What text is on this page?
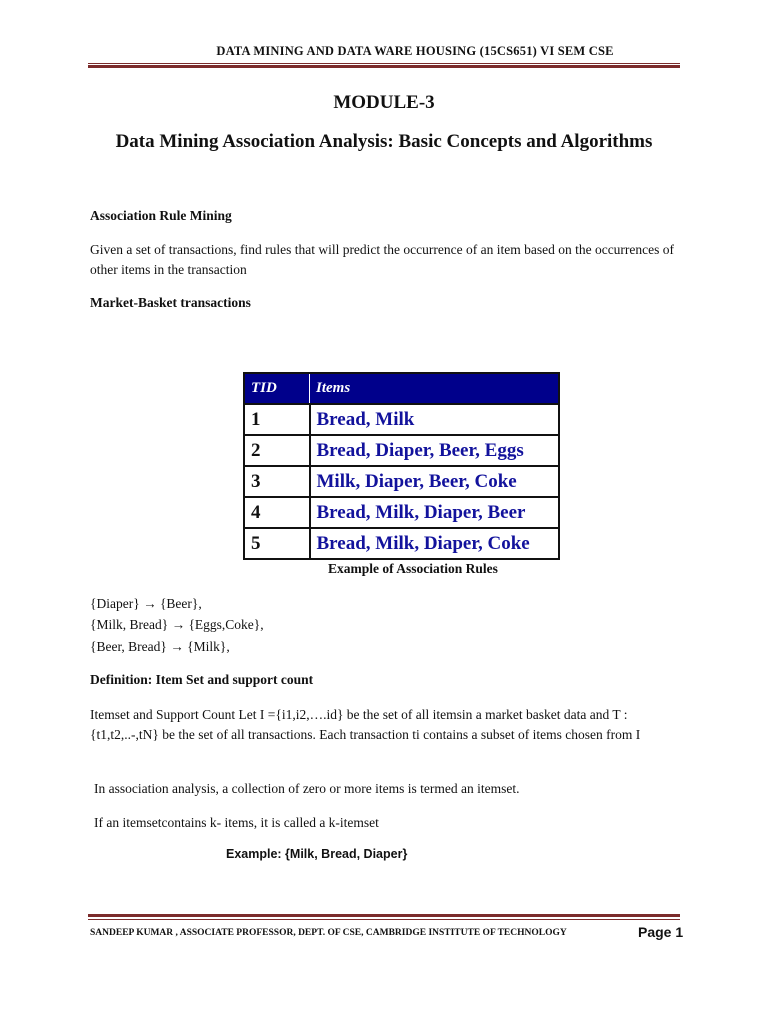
DATA MINING AND DATA WARE HOUSING (15CS651) VI SEM CSE
MODULE-3
Data Mining Association Analysis: Basic Concepts and Algorithms
Association Rule Mining
Given a set of transactions, find rules that will predict the occurrence of an item based on the occurrences of other items in the transaction
Market-Basket transactions
TID	Items
1	Bread, Milk
2	Bread, Diaper, Beer, Eggs
3	Milk, Diaper, Beer, Coke
4	Bread, Milk, Diaper, Beer
5	Bread, Milk, Diaper, Coke
Example of Association Rules
{Diaper} → {Beer},
{Milk, Bread} → {Eggs,Coke},
{Beer, Bread} → {Milk},
Definition: Item Set and support count
Itemset and Support Count Let I ={i1,i2,….id} be the set of all itemsin a market basket data and T : {t1,t2,..-,tN} be the set of all transactions. Each transaction ti contains a subset of items chosen from I
In association analysis, a collection of zero or more items is termed an itemset.
If an itemsetcontains k- items, it is called a k-itemset
Example: {Milk, Bread, Diaper}
SANDEEP KUMAR , ASSOCIATE PROFESSOR, DEPT. OF CSE, CAMBRIDGE INSTITUTE OF TECHNOLOGY	Page 1
